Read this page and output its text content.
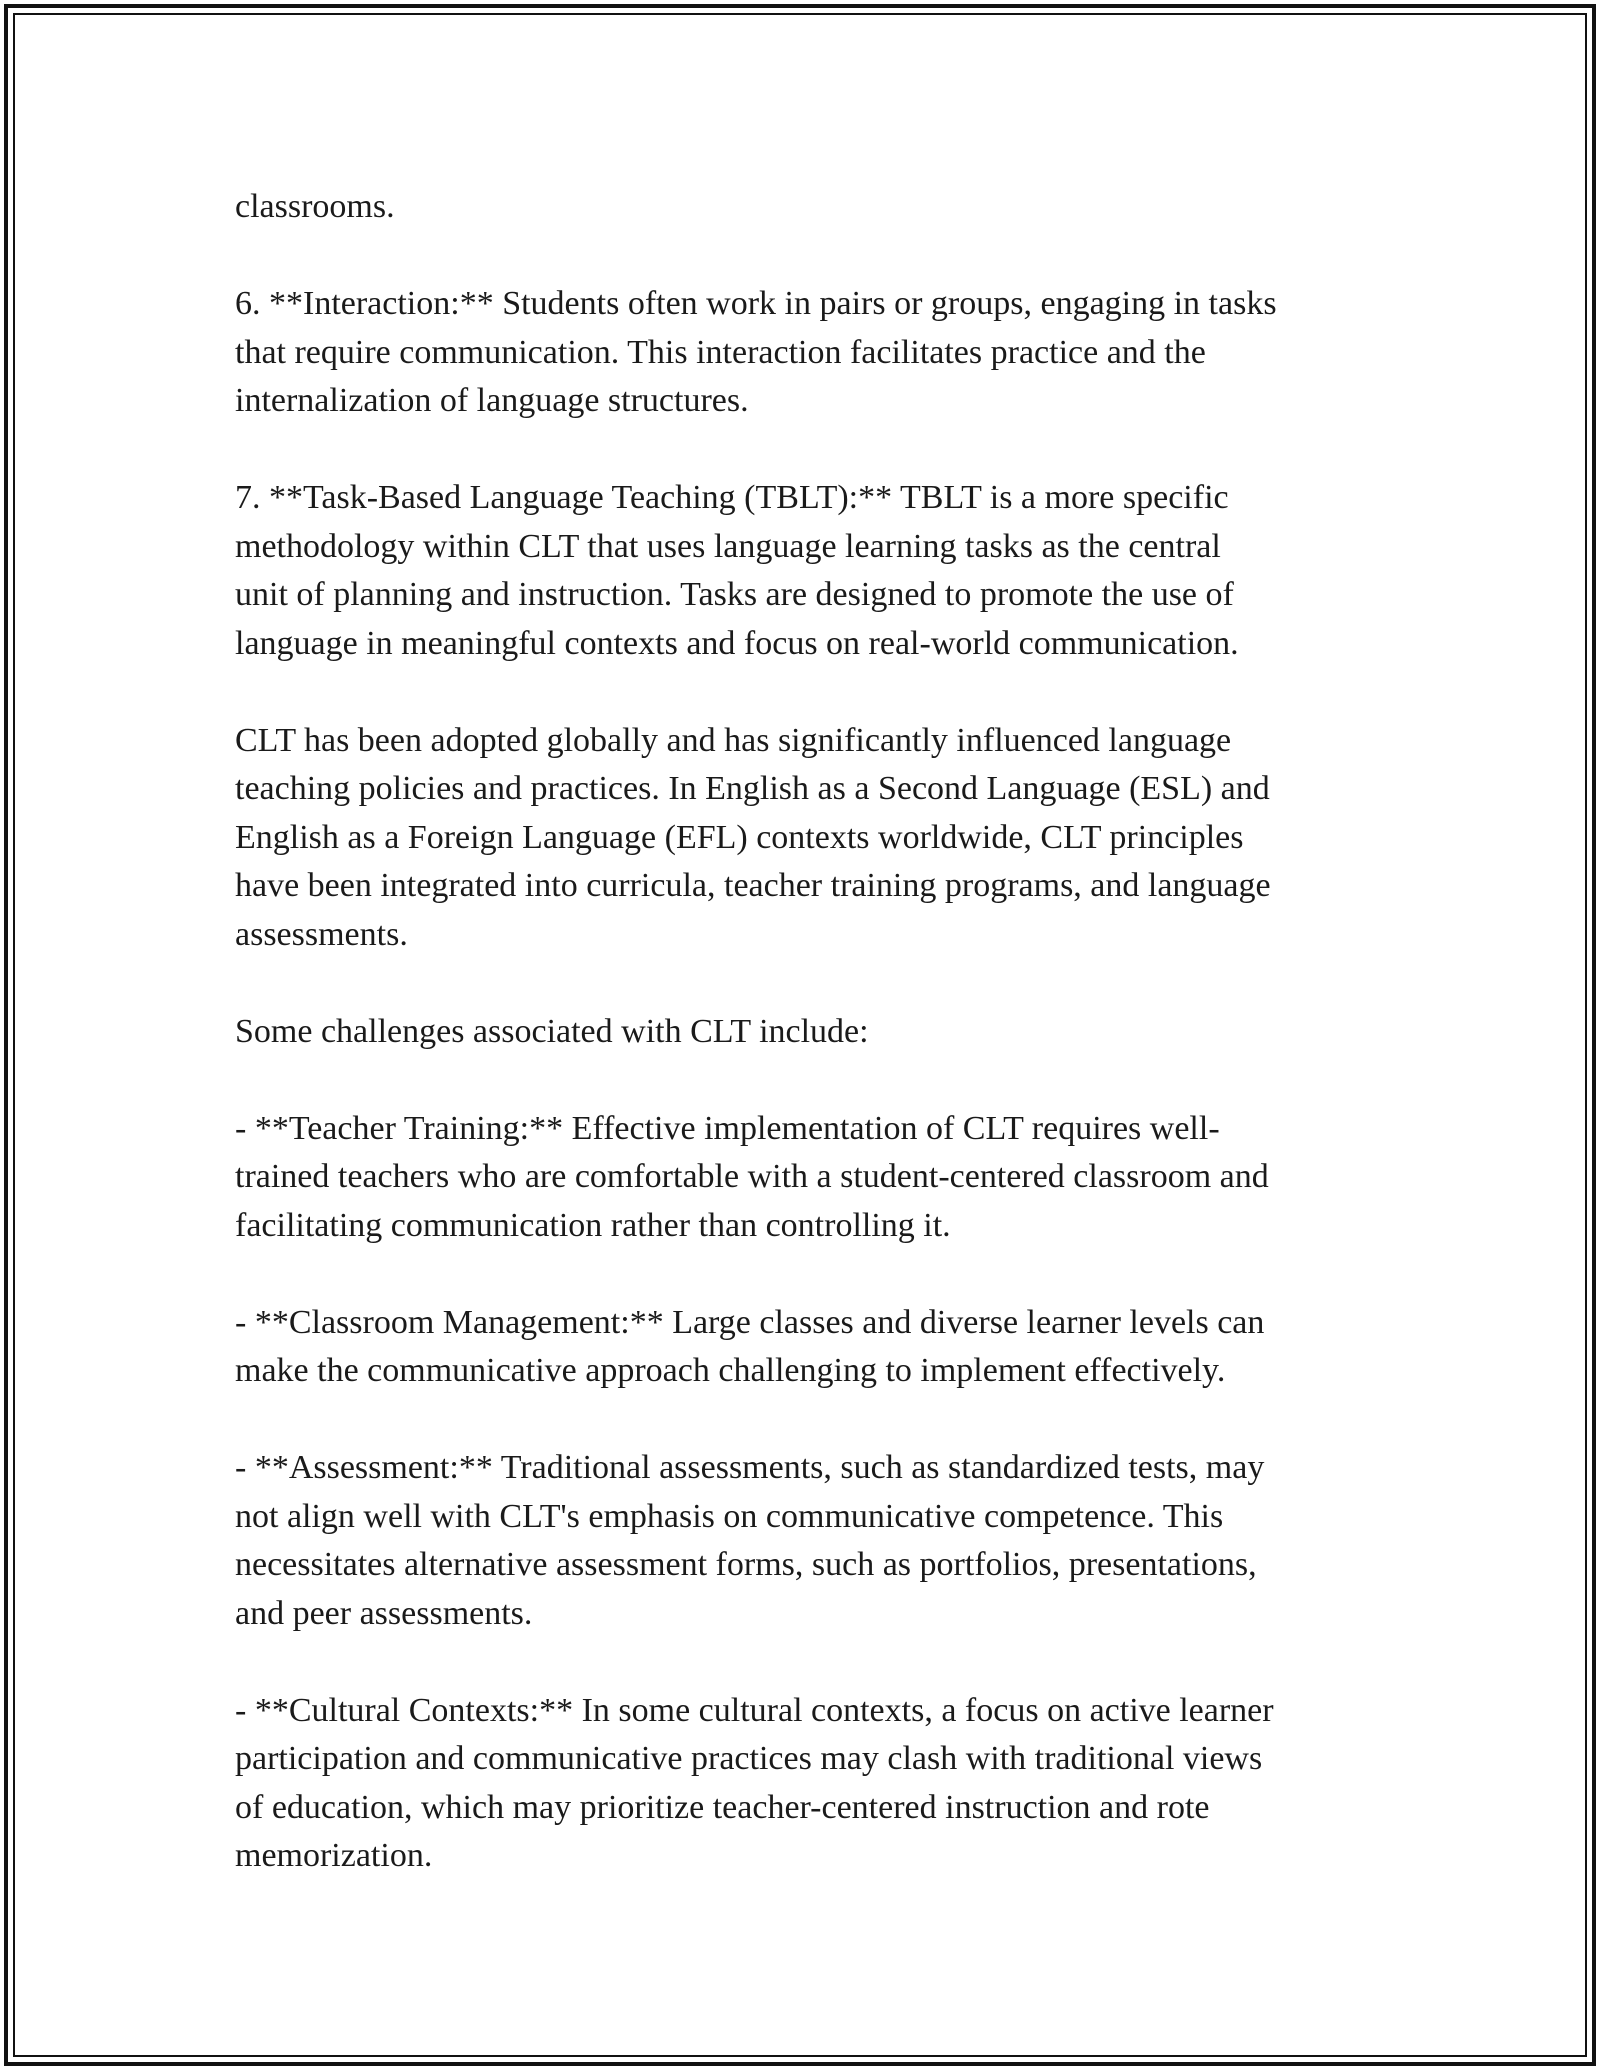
classrooms.

6. **Interaction:** Students often work in pairs or groups, engaging in tasks
that require communication. This interaction facilitates practice and the
internalization of language structures.

7. **Task-Based Language Teaching (TBLT):** TBLT is a more specific
methodology within CLT that uses language learning tasks as the central
unit of planning and instruction. Tasks are designed to promote the use of
language in meaningful contexts and focus on real-world communication.

CLT has been adopted globally and has significantly influenced language
teaching policies and practices. In English as a Second Language (ESL) and
English as a Foreign Language (EFL) contexts worldwide, CLT principles
have been integrated into curricula, teacher training programs, and language
assessments.

Some challenges associated with CLT include:

- **Teacher Training:** Effective implementation of CLT requires well-
trained teachers who are comfortable with a student-centered classroom and
facilitating communication rather than controlling it.

- **Classroom Management:** Large classes and diverse learner levels can
make the communicative approach challenging to implement effectively.

- **Assessment:** Traditional assessments, such as standardized tests, may
not align well with CLT's emphasis on communicative competence. This
necessitates alternative assessment forms, such as portfolios, presentations,
and peer assessments.

- **Cultural Contexts:** In some cultural contexts, a focus on active learner
participation and communicative practices may clash with traditional views
of education, which may prioritize teacher-centered instruction and rote
memorization.
